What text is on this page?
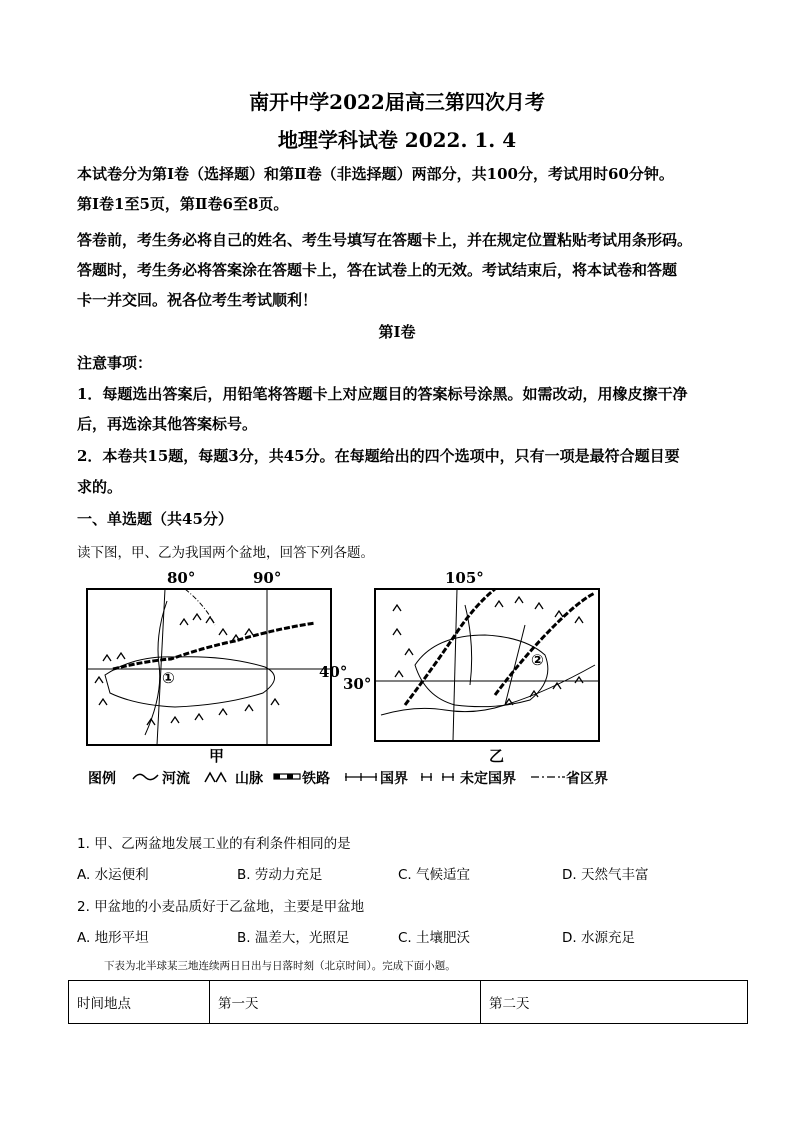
南开中学2022届高三第四次月考
地理学科试卷 2022. 1. 4
本试卷分为第Ⅰ卷（选择题）和第Ⅱ卷（非选择题）两部分，共100分，考试用时60分钟。
第Ⅰ卷1至5页，第Ⅱ卷6至8页。
答卷前，考生务必将自己的姓名、考生号填写在答题卡上，并在规定位置粘贴考试用条形码。
答题时，考生务必将答案涂在答题卡上，答在试卷上的无效。考试结束后，将本试卷和答题
卡一并交回。祝各位考生考试顺利！
第Ⅰ卷
注意事项：
1．每题选出答案后，用铅笔将答题卡上对应题目的答案标号涂黑。如需改动，用橡皮擦干净
后，再选涂其他答案标号。
2．本卷共15题，每题3分，共45分。在每题给出的四个选项中，只有一项是最符合题目要
求的。
一、单选题（共45分）
读下图，甲、乙为我国两个盆地，回答下列各题。
80°	90°
40°
①
甲
105°
30°
②
乙
图例	河流	山脉	铁路	国界	未定国界	省区界
1. 甲、乙两盆地发展工业的有利条件相同的是
A. 水运便利	B. 劳动力充足	C. 气候适宜	D. 天然气丰富
2. 甲盆地的小麦品质好于乙盆地，主要是甲盆地
A. 地形平坦	B. 温差大，光照足	C. 土壤肥沃	D. 水源充足
下表为北半球某三地连续两日日出与日落时刻（北京时间）。完成下面小题。
时间地点	第一天	第二天
